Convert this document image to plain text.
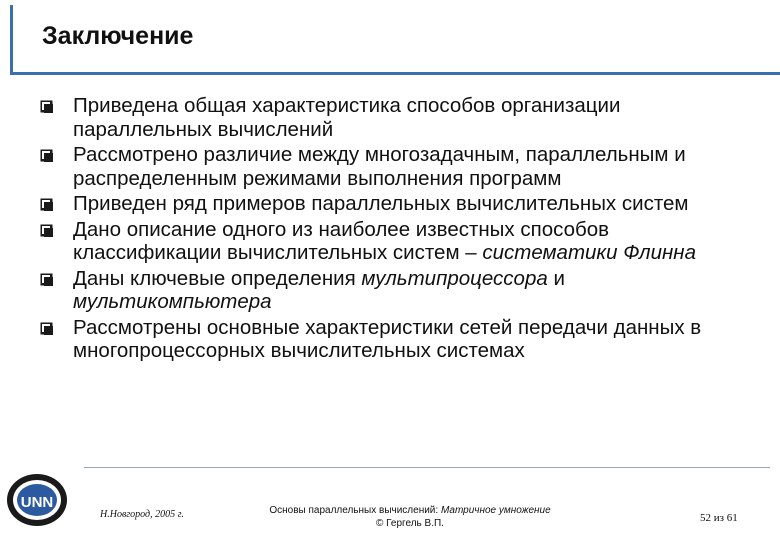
Заключение
Приведена общая характеристика способов организации параллельных вычислений
Рассмотрено различие между многозадачным, параллельным и распределенным режимами выполнения программ
Приведен ряд примеров параллельных вычислительных систем
Дано описание одного из наиболее известных способов классификации вычислительных систем – систематики Флинна
Даны ключевые определения мультипроцессора и мультикомпьютера
Рассмотрены основные характеристики сетей передачи данных в многопроцессорных вычислительных системах
UNN
Н.Новгород, 2005 г.	Основы параллельных вычислений: Матричное умножение
© Гергель В.П.	52 из 61
